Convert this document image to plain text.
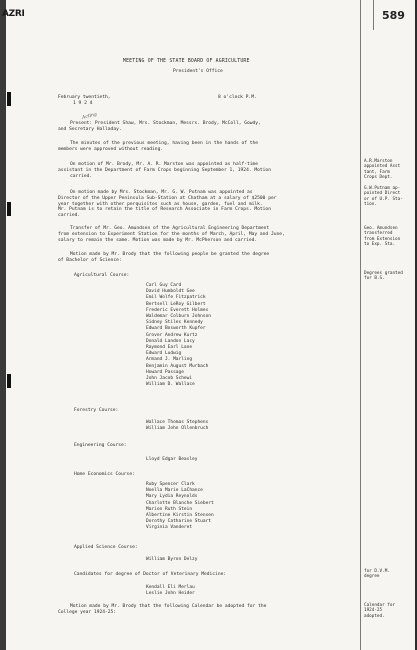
AZRI	589
MEETING OF THE STATE BOARD OF AGRICULTURE
President's Office
February twentieth,
1 9 2 4
8 o'clock P.M.
Acting
Present: President Shaw, Mrs. Stockman, Messrs. Brody, McColl, Gowdy,
and Secretary Halladay.
The minutes of the previous meeting, having been in the hands of the
members were approved without reading.
On motion of Mr. Brody, Mr. A. R. Marston was appointed as half-time
assistant in the Department of Farm Crops beginning September 1, 1924. Motion
carried.
On motion made by Mrs. Stockman, Mr. G. W. Putnam was appointed as
Director of the Upper Peninsula Sub-Station at Chatham at a salary of $2500 per
year together with other perquisites such as house, garden, fuel and milk.
Mr. Putnam is to retain the title of Research Associate in Farm Crops. Motion
carried.
Transfer of Mr. Geo. Amundsen of the Agricultural Engineering Department
from extension to Experiment Station for the months of March, April, May and June,
salary to remain the same. Motion was made by Mr. McPherson and carried.
Motion made by Mr. Brody that the following people be granted the degree
of Bachelor of Science:
Agricultural Course:
Carl Guy Card
David Humboldt Gee
Emil Wolfe Fitzpatrick
Bertsell LeRoy Gilbert
Frederic Everett Holmes
Waldemar Colburn Johnson
Sidney Stiles Kennedy
Edward Bosworth Kupfer
Grover Andrew Kurtz
Donald Landon Lacy
Raymond Earl Lane
Edward Ludwig
Armand J. Marling
Benjamin August Murbach
Howard Passage
John Jacob Schewi
William D. Wallace
Forestry Course:
Wallace Thomas Stephens
William John Ollenbruch
Engineering Course:
Lloyd Edgar Beasley
Home Economics Course:
Ruby Spencer Clark
Noella Marie LaChance
Mary Lydia Reynolds
Charlotte Blanche Siebert
Marion Ruth Stein
Albertine Kirstin Stensen
Dorothy Catharine Stuart
Virginia Vanderet
Applied Science Course:
William Byron Delzy
Candidates for degree of Doctor of Veterinary Medicine:
Kendall Eli Merlau
Leslie John Heider
Motion made by Mr. Brody that the following Calendar be adopted for the
College year 1924-25:
A.R.Marston
appointed Asst
tant, Farm
Crops Dept.
G.W.Putnam ap-
pointed Direct
or of U.P. Sta-
tion.
Geo. Amundsen
transferred
from Extension
to Exp. Sta.
Degrees granted
for B.S.
for D.V.M.
degree
Calendar for
1924-25
adopted.
